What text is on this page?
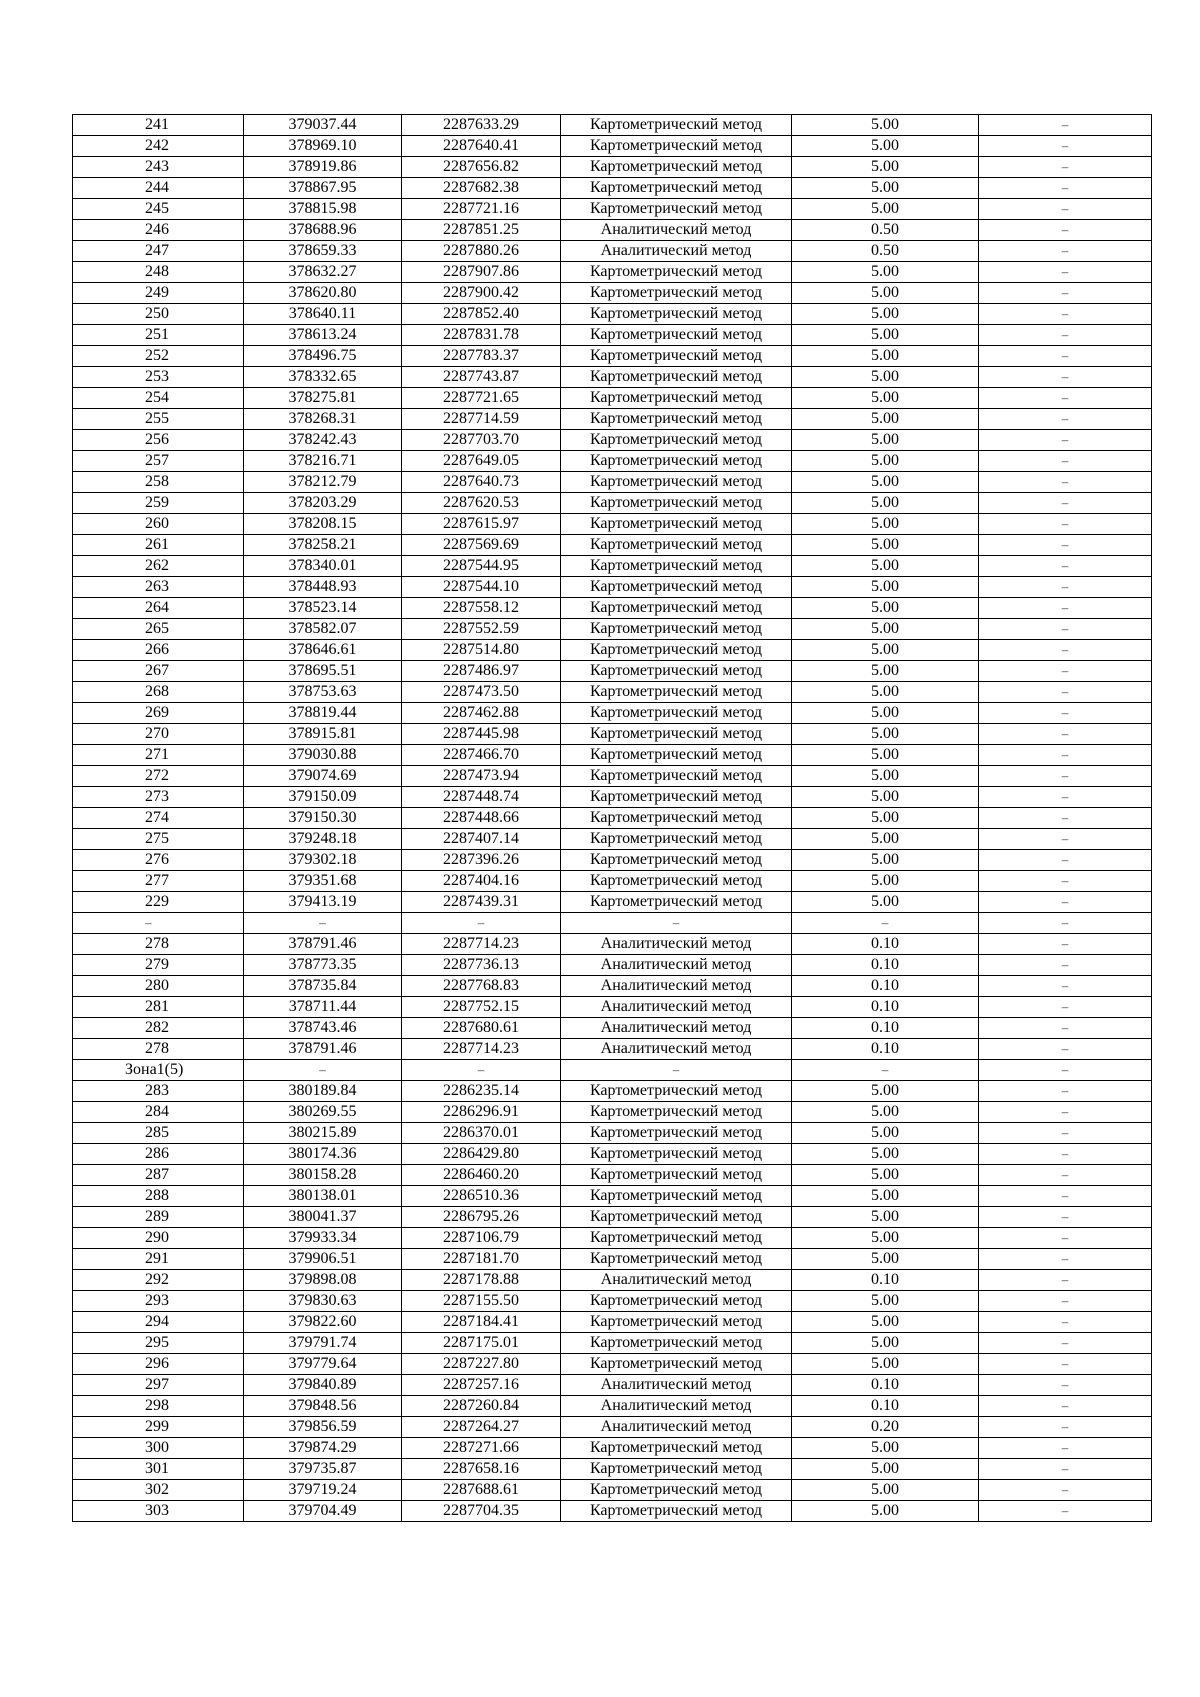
241	379037.44	2287633.29	Картометрический метод	5.00	–
242	378969.10	2287640.41	Картометрический метод	5.00	–
243	378919.86	2287656.82	Картометрический метод	5.00	–
244	378867.95	2287682.38	Картометрический метод	5.00	–
245	378815.98	2287721.16	Картометрический метод	5.00	–
246	378688.96	2287851.25	Аналитический метод	0.50	–
247	378659.33	2287880.26	Аналитический метод	0.50	–
248	378632.27	2287907.86	Картометрический метод	5.00	–
249	378620.80	2287900.42	Картометрический метод	5.00	–
250	378640.11	2287852.40	Картометрический метод	5.00	–
251	378613.24	2287831.78	Картометрический метод	5.00	–
252	378496.75	2287783.37	Картометрический метод	5.00	–
253	378332.65	2287743.87	Картометрический метод	5.00	–
254	378275.81	2287721.65	Картометрический метод	5.00	–
255	378268.31	2287714.59	Картометрический метод	5.00	–
256	378242.43	2287703.70	Картометрический метод	5.00	–
257	378216.71	2287649.05	Картометрический метод	5.00	–
258	378212.79	2287640.73	Картометрический метод	5.00	–
259	378203.29	2287620.53	Картометрический метод	5.00	–
260	378208.15	2287615.97	Картометрический метод	5.00	–
261	378258.21	2287569.69	Картометрический метод	5.00	–
262	378340.01	2287544.95	Картометрический метод	5.00	–
263	378448.93	2287544.10	Картометрический метод	5.00	–
264	378523.14	2287558.12	Картометрический метод	5.00	–
265	378582.07	2287552.59	Картометрический метод	5.00	–
266	378646.61	2287514.80	Картометрический метод	5.00	–
267	378695.51	2287486.97	Картометрический метод	5.00	–
268	378753.63	2287473.50	Картометрический метод	5.00	–
269	378819.44	2287462.88	Картометрический метод	5.00	–
270	378915.81	2287445.98	Картометрический метод	5.00	–
271	379030.88	2287466.70	Картометрический метод	5.00	–
272	379074.69	2287473.94	Картометрический метод	5.00	–
273	379150.09	2287448.74	Картометрический метод	5.00	–
274	379150.30	2287448.66	Картометрический метод	5.00	–
275	379248.18	2287407.14	Картометрический метод	5.00	–
276	379302.18	2287396.26	Картометрический метод	5.00	–
277	379351.68	2287404.16	Картометрический метод	5.00	–
229	379413.19	2287439.31	Картометрический метод	5.00	–
–	–	–	–	–	–
278	378791.46	2287714.23	Аналитический метод	0.10	–
279	378773.35	2287736.13	Аналитический метод	0.10	–
280	378735.84	2287768.83	Аналитический метод	0.10	–
281	378711.44	2287752.15	Аналитический метод	0.10	–
282	378743.46	2287680.61	Аналитический метод	0.10	–
278	378791.46	2287714.23	Аналитический метод	0.10	–
Зона1(5)	–	–	–	–	–
283	380189.84	2286235.14	Картометрический метод	5.00	–
284	380269.55	2286296.91	Картометрический метод	5.00	–
285	380215.89	2286370.01	Картометрический метод	5.00	–
286	380174.36	2286429.80	Картометрический метод	5.00	–
287	380158.28	2286460.20	Картометрический метод	5.00	–
288	380138.01	2286510.36	Картометрический метод	5.00	–
289	380041.37	2286795.26	Картометрический метод	5.00	–
290	379933.34	2287106.79	Картометрический метод	5.00	–
291	379906.51	2287181.70	Картометрический метод	5.00	–
292	379898.08	2287178.88	Аналитический метод	0.10	–
293	379830.63	2287155.50	Картометрический метод	5.00	–
294	379822.60	2287184.41	Картометрический метод	5.00	–
295	379791.74	2287175.01	Картометрический метод	5.00	–
296	379779.64	2287227.80	Картометрический метод	5.00	–
297	379840.89	2287257.16	Аналитический метод	0.10	–
298	379848.56	2287260.84	Аналитический метод	0.10	–
299	379856.59	2287264.27	Аналитический метод	0.20	–
300	379874.29	2287271.66	Картометрический метод	5.00	–
301	379735.87	2287658.16	Картометрический метод	5.00	–
302	379719.24	2287688.61	Картометрический метод	5.00	–
303	379704.49	2287704.35	Картометрический метод	5.00	–
